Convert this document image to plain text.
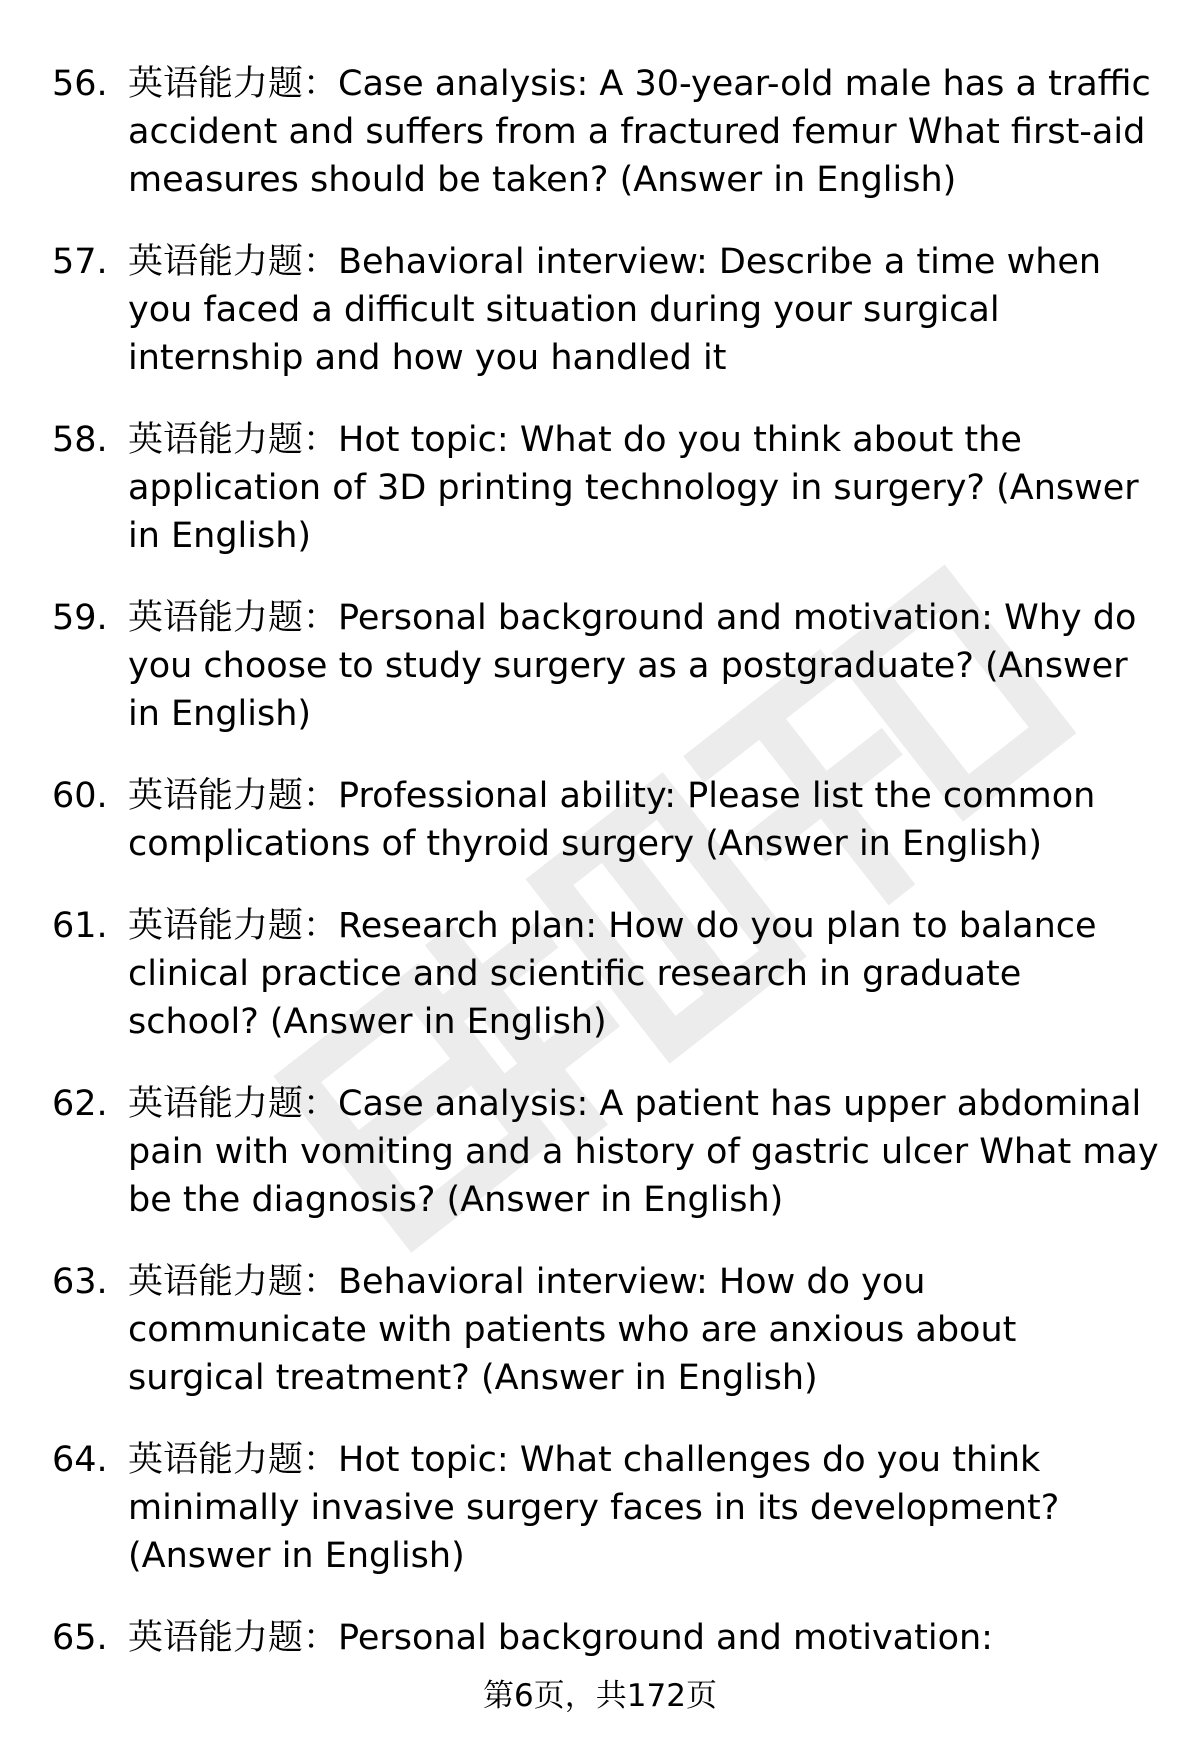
56. 英语能力题：Case analysis: A 30-year-old male has a traffic accident and suffers from a fractured femur What first-aid measures should be taken? (Answer in English)
57. 英语能力题：Behavioral interview: Describe a time when you faced a difficult situation during your surgical internship and how you handled it
58. 英语能力题：Hot topic: What do you think about the application of 3D printing technology in surgery? (Answer in English)
59. 英语能力题：Personal background and motivation: Why do you choose to study surgery as a postgraduate? (Answer in English)
60. 英语能力题：Professional ability: Please list the common complications of thyroid surgery (Answer in English)
61. 英语能力题：Research plan: How do you plan to balance clinical practice and scientific research in graduate school? (Answer in English)
62. 英语能力题：Case analysis: A patient has upper abdominal pain with vomiting and a history of gastric ulcer What may be the diagnosis? (Answer in English)
63. 英语能力题：Behavioral interview: How do you communicate with patients who are anxious about surgical treatment? (Answer in English)
64. 英语能力题：Hot topic: What challenges do you think minimally invasive surgery faces in its development? (Answer in English)
65. 英语能力题：Personal background and motivation:
第6页，共172页
